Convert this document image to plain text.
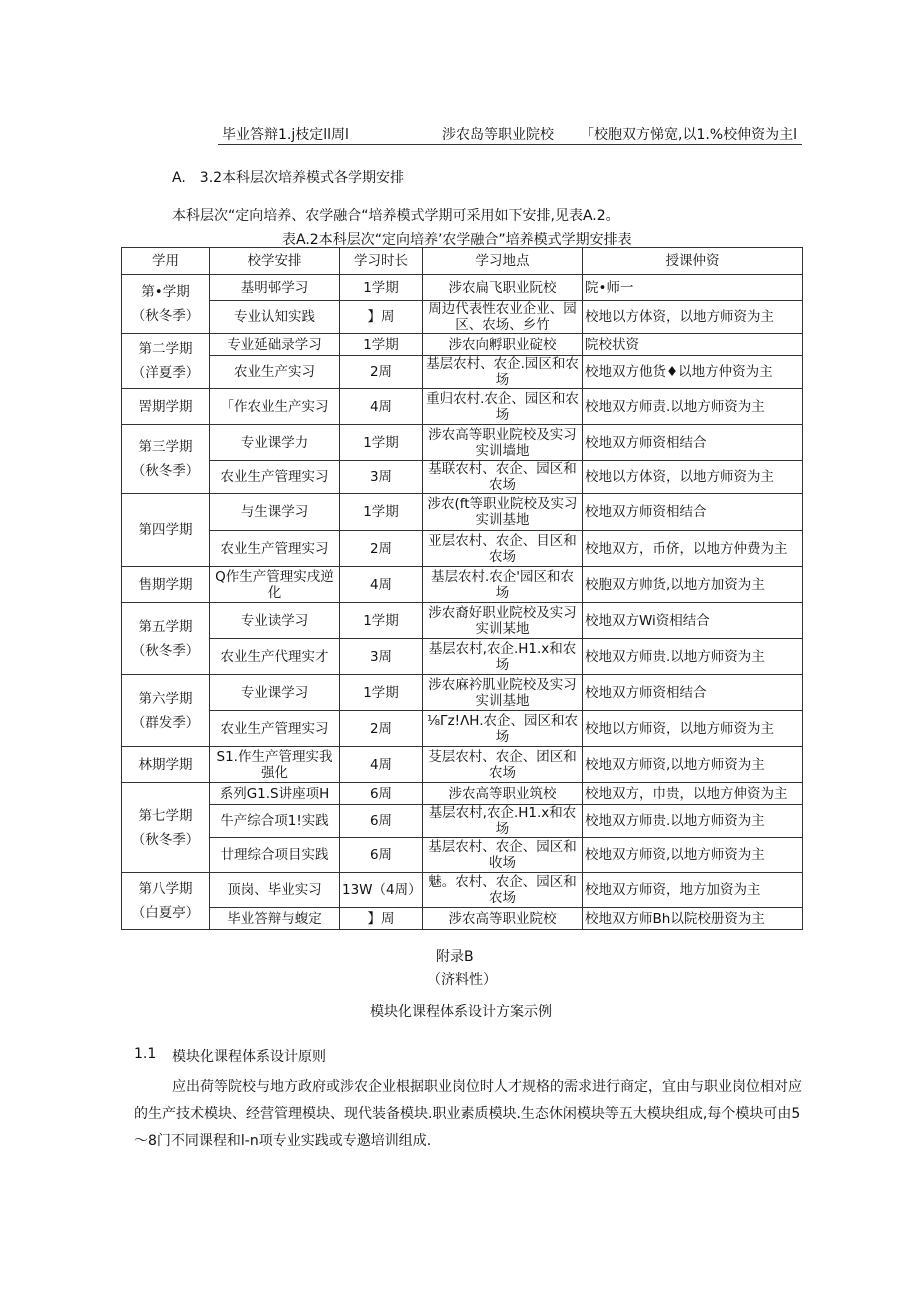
毕业答辩1.j枝定ll周l	涉农岛等职业院校 「校胞双方悌宽,以1.%校伸资为主l
A.　3.2本科层次培养模式各学期安排
本科层次“定向培养、农学融合“培养模式学期可采用如下安排,见表A.2。
表A.2本科层次“定向培养’农学融合”培养模式学期安排表
学用	校学安排	学习时长	学习地点	授课仲资

第•学期
（秋冬季）	基明邨学习	1学期	涉农扁飞职业阮校	院•师一
	专业认知实践	】周	周边代表性农业企业、园区、农场、乡竹	校地以方体资，以地方师资为主

第二学期
（洋夏季）	专业延础录学习	1学期	涉农向孵职业碇校	院校状资
	农业生产实习	2周	基层农村、农企.园区和农场	校地双方他货♦以地方仲资为主

罟期学期	「作农业生产实习	4周	重归农村.农企、园区和农场	校地双方师责.以地方师资为主

第三学期
（秋冬季）	专业课学力	1学期	涉农高等职业院校及实习实训墙地	校地双方师资相结合
	农业生产管理实习	3周	基联农村、农企、园区和农场	校地以方体资，以地方师资为主

第四学期	与生课学习	1学期	涉农(ft等职业院校及实习实训基地	校地双方师资相结合
	农业生产管理实习	2周	亚层农村、农企、目区和农场	校地双方，币侪，以地方仲费为主

售期学期	Q作生产管理实戌逆化	4周	基层农村.农企'园区和农场	校胞双方帅货,以地方加资为主

第五学期
（秋冬季）	专业读学习	1学期	涉农裔好职业院校及实习实训某地	校地双方Wi资相结合
	农业生产代理实才	3周	基层农村,农企.H1.x和农场	校地双方师贵.以地方师资为主

第六学期
（群发季）	专业课学习	1学期	涉农麻衿肌业院校及实习实训基地	校地双方师资相结合
	农业生产管理实习	2周	⅛Γz!ΛH.农企、园区和农场	校地以方师资，以地方师资为主

林期学期	S1.作生产管理实我强化	4周	芟层农村、农企、团区和农场	校地双方师资,以地方师资为主

第七学期
（秋冬季）	系列G1.S讲座项H	6周	涉农高等职业筑校	校地双方，巾贵，以地方伸资为主
	牛产综合项1!实践	6周	基层农村,农企.H1.x和农场	校地双方师贵.以地方师资为主
	廿理综合项目实践	6周	基层农村、农企、园区和收场	校地双方师资,以地方师资为主

第八学期
（白夏亭）	顶岗、毕业实习	13W（4周）	魅。农村、农企、园区和农场	校地双方师资，地方加资为主
	毕业答辩与蝮定	】周	涉农高等职业院校	校地双方师Bh以院校册资为主
附录B
（济料性）
模块化课程体系设计方案示例
1.1 模块化课程体系设计原则
应出荷等院校与地方政府或涉农企业根据职业岗位时人才规格的需求进行商定，宜由与职业岗位相对应
的生产技术模块、经营管理模块、现代装备模块.职业素质模块.生态休闲模块等五大模块组成,每个模块可由5
〜8门不同课程和l-n项专业实践或专邀培训组成.
